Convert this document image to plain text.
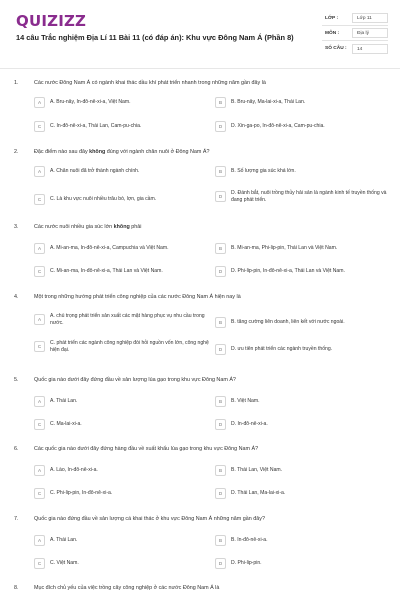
QUIZIZZ
14 câu Trắc nghiệm Địa Lí 11 Bài 11 (có đáp án): Khu vực Đông Nam Á (Phần 8)
LỚP :	Lớp 11
MÔN :	Địa lý
SỐ CÂU :	14
1.	Các nước Đông Nam Á có ngành khai thác dầu khí phát triển nhanh trong những năm gần đây là
A	A. Bru-nây, In-đô-nê-xi-a, Việt Nam.	B	B. Bru-nây, Ma-lai-xi-a, Thái Lan.
C	C. In-đô-nê-xi-a, Thái Lan, Cam-pu-chia.	D	D. Xin-ga-po, In-đô-nê-xi-a, Cam-pu-chia.
2.	Đặc điểm nào sau đây không đúng với ngành chăn nuôi ở Đông Nam Á?
A	A. Chăn nuôi đã trở thành ngành chính.	B	B. Số lượng gia súc khá lớn.
C	C. Là khu vực nuôi nhiều trâu bò, lợn, gia cầm.	D
D. Đánh bắt, nuôi trồng thủy hải sản là ngành kinh tế truyền thống và đang phát triển.
3.	Các nước nuôi nhiều gia súc lớn không phải
A	A. Mi-an-ma, In-đô-nê-xi-a, Campuchia và Việt Nam.	B	B. Mi-an-ma, Phi-lip-pin, Thái Lan và Việt Nam.
C	C. Mi-an-ma, In-đô-nê-xi-a, Thái Lan và Việt Nam.	D	D. Phi-lip-pin, In-đô-nê-xi-a, Thái Lan và Việt Nam.
4.	Một trong những hướng phát triển công nghiệp của các nước Đông Nam Á hiện nay là
A
A. chú trọng phát triển sản xuất các mặt hàng phục vụ nhu cầu trong nước.	B	B. tăng cường liên doanh, liên kết với nước ngoài.
C
C. phát triển các ngành công nghiệp đòi hỏi nguồn vốn lớn, công nghệ hiện đại.	D	D. ưu tiên phát triển các ngành truyền thống.
5.	Quốc gia nào dưới đây đứng đầu về sản lượng lúa gạo trong khu vực Đông Nam Á?
A	A. Thái Lan.	B	B. Việt Nam.
C	C. Ma-lai-xi-a.	D	D. In-đô-nê-xi-a.
6.	Các quốc gia nào dưới đây đứng hàng đầu về xuất khẩu lúa gạo trong khu vực Đông Nam Á?
A	A. Lào, In-đô-nê-xi-a.	B	B. Thái Lan, Việt Nam.
C	C. Phi-lip-pin, In-đô-nê-xi-a.	D	D. Thái Lan, Ma-lai-xi-a.
7.	Quốc gia nào đứng đầu về sản lượng cá khai thác ở khu vực Đông Nam Á những năm gần đây?
A	A. Thái Lan.	B	B. In-đô-nê-xi-a.
C	C. Việt Nam.	D	D. Phi-lip-pin.
8.	Mục đích chủ yếu của việc trồng cây công nghiệp ở các nước Đông Nam Á là
